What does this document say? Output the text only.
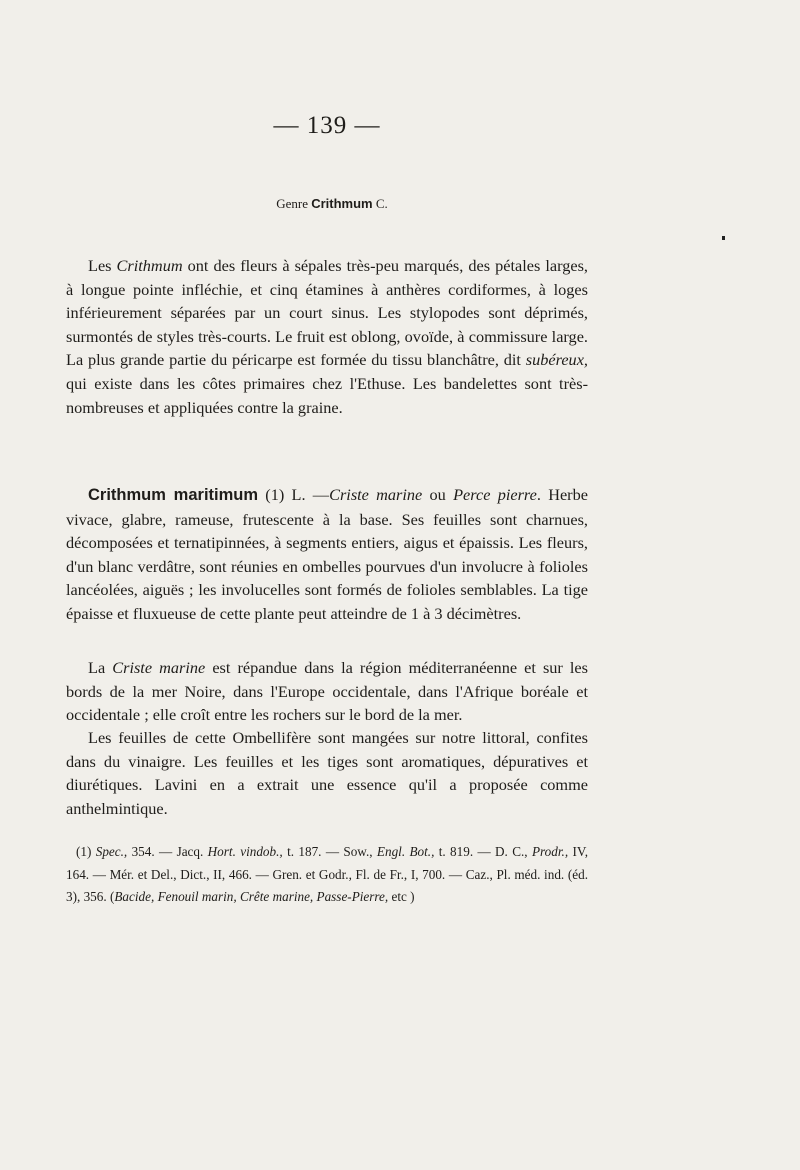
— 139 —
Genre Crithmum C.

Les Crithmum ont des fleurs à sépales très-peu marqués, des pétales larges, à longue pointe infléchie, et cinq étamines à anthères cordiformes, à loges inférieurement séparées par un court sinus. Les stylopodes sont déprimés, surmontés de styles très-courts. Le fruit est oblong, ovoïde, à commissure large. La plus grande partie du péricarpe est formée du tissu blanchâtre, dit subéreux, qui existe dans les côtes primaires chez l'Ethuse. Les bandelettes sont très-nombreuses et appliquées contre la graine.

Crithmum maritimum (1) L. —Criste marine ou Perce pierre. Herbe vivace, glabre, rameuse, frutescente à la base. Ses feuilles sont charnues, décomposées et ternatipinnées, à segments entiers, aigus et épaissis. Les fleurs, d'un blanc verdâtre, sont réunies en ombelles pourvues d'un involucre à folioles lancéolées, aiguës ; les involucelles sont formés de folioles semblables. La tige épaisse et fluxueuse de cette plante peut atteindre de 1 à 3 décimètres.

La Criste marine est répandue dans la région méditerranéenne et sur les bords de la mer Noire, dans l'Europe occidentale, dans l'Afrique boréale et occidentale ; elle croît entre les rochers sur le bord de la mer.

Les feuilles de cette Ombellifère sont mangées sur notre littoral, confites dans du vinaigre. Les feuilles et les tiges sont aromatiques, dépuratives et diurétiques. Lavini en a extrait une essence qu'il a proposée comme anthelmintique.

(1) Spec., 354. — Jacq. Hort. vindob., t. 187. — Sow., Engl. Bot., t. 819. — D. C., Prodr., IV, 164. — Mér. et Del., Dict., II, 466. — Gren. et Godr., Fl. de Fr., I, 700. — Caz., Pl. méd. ind. (éd. 3), 356. (Bacide, Fenouil marin, Crête marine, Passe-Pierre, etc )
